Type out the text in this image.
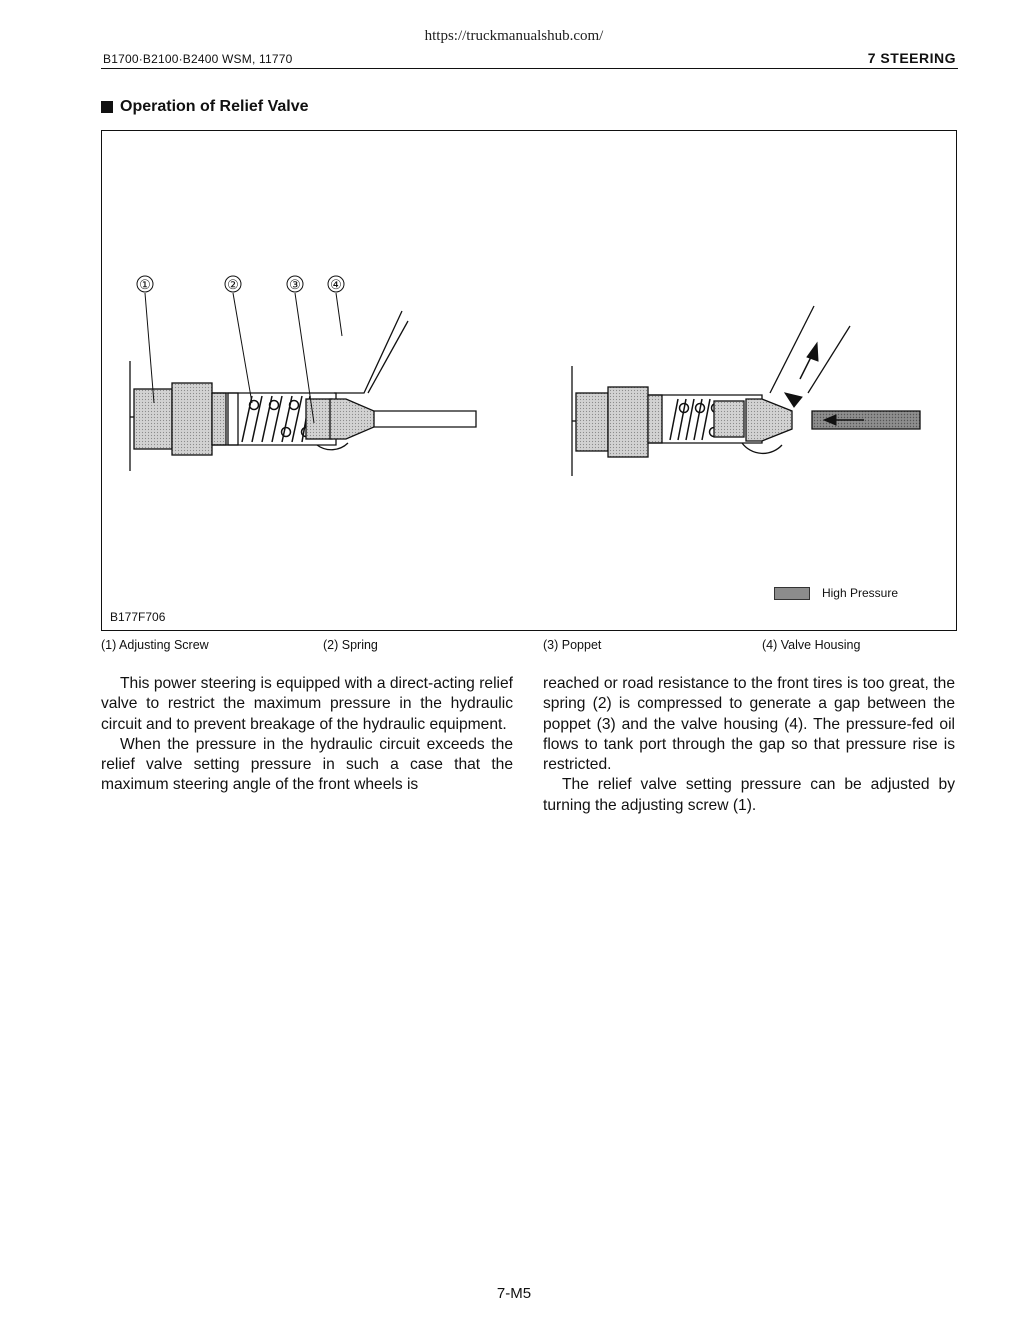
https://truckmanualshub.com/
B1700·B2100·B2400 WSM, 11770	7 STEERING
Operation of Relief Valve
①	②	③ ④
High Pressure
B177F706
(1) Adjusting Screw	(2) Spring	(3) Poppet	(4) Valve Housing

This power steering is equipped with a direct-acting relief valve to restrict the maximum pressure in the hydraulic circuit and to prevent breakage of the hydraulic equipment.

When the pressure in the hydraulic circuit exceeds the relief valve setting pressure in such a case that the maximum steering angle of the front wheels is

reached or road resistance to the front tires is too great, the spring (2) is compressed to generate a gap between the poppet (3) and the valve housing (4). The pressure-fed oil flows to tank port through the gap so that pressure rise is restricted.

The relief valve setting pressure can be adjusted by turning the adjusting screw (1).

7-M5
